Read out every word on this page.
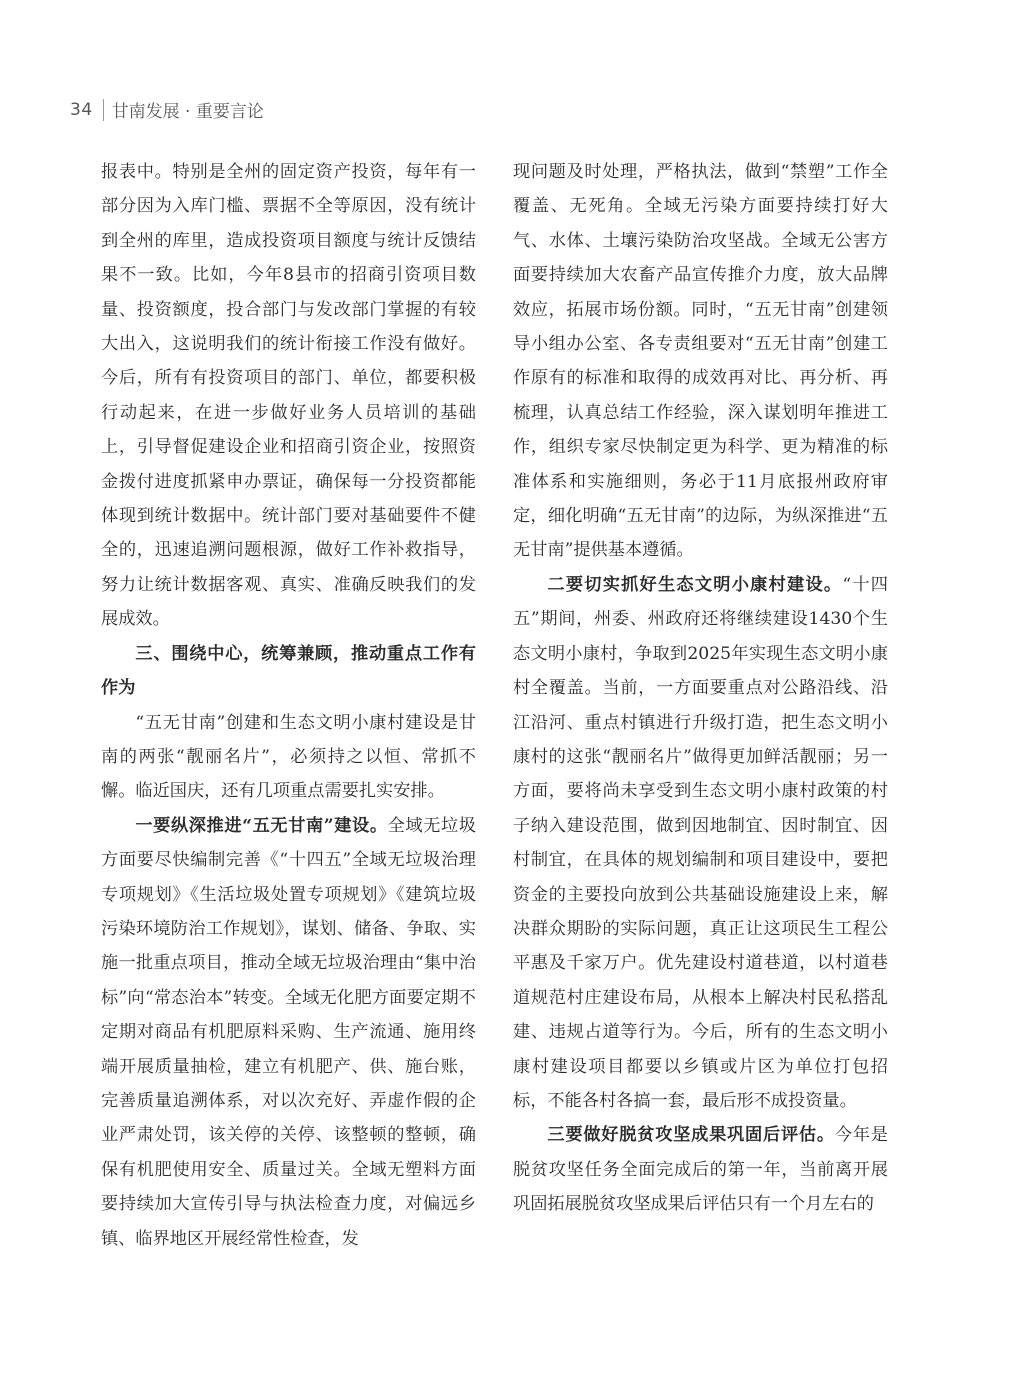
34 甘南发展 · 重要言论

报表中。特别是全州的固定资产投资，每年有一部分因为入库门槛、票据不全等原因，没有统计到全州的库里，造成投资项目额度与统计反馈结果不一致。比如，今年8县市的招商引资项目数量、投资额度，投合部门与发改部门掌握的有较大出入，这说明我们的统计衔接工作没有做好。今后，所有有投资项目的部门、单位，都要积极行动起来，在进一步做好业务人员培训的基础上，引导督促建设企业和招商引资企业，按照资金拨付进度抓紧申办票证，确保每一分投资都能体现到统计数据中。统计部门要对基础要件不健全的，迅速追溯问题根源，做好工作补救指导，努力让统计数据客观、真实、准确反映我们的发展成效。

三、围绕中心，统筹兼顾，推动重点工作有作为

“五无甘南”创建和生态文明小康村建设是甘南的两张“靓丽名片”，必须持之以恒、常抓不懈。临近国庆，还有几项重点需要扎实安排。

一要纵深推进“五无甘南”建设。全域无垃圾方面要尽快编制完善《“十四五”全域无垃圾治理专项规划》《生活垃圾处置专项规划》《建筑垃圾污染环境防治工作规划》，谋划、储备、争取、实施一批重点项目，推动全域无垃圾治理由“集中治标”向“常态治本”转变。全域无化肥方面要定期不定期对商品有机肥原料采购、生产流通、施用终端开展质量抽检，建立有机肥产、供、施台账，完善质量追溯体系，对以次充好、弄虚作假的企业严肃处罚，该关停的关停、该整顿的整顿，确保有机肥使用安全、质量过关。全域无塑料方面要持续加大宣传引导与执法检查力度，对偏远乡镇、临界地区开展经常性检查，发

现问题及时处理，严格执法，做到“禁塑”工作全覆盖、无死角。全域无污染方面要持续打好大气、水体、土壤污染防治攻坚战。全域无公害方面要持续加大农畜产品宣传推介力度，放大品牌效应，拓展市场份额。同时，“五无甘南”创建领导小组办公室、各专责组要对“五无甘南”创建工作原有的标准和取得的成效再对比、再分析、再梳理，认真总结工作经验，深入谋划明年推进工作，组织专家尽快制定更为科学、更为精准的标准体系和实施细则，务必于11月底报州政府审定，细化明确“五无甘南”的边际，为纵深推进“五无甘南”提供基本遵循。

二要切实抓好生态文明小康村建设。“十四五”期间，州委、州政府还将继续建设1430个生态文明小康村，争取到2025年实现生态文明小康村全覆盖。当前，一方面要重点对公路沿线、沿江沿河、重点村镇进行升级打造，把生态文明小康村的这张“靓丽名片”做得更加鲜活靓丽；另一方面，要将尚未享受到生态文明小康村政策的村子纳入建设范围，做到因地制宜、因时制宜、因村制宜，在具体的规划编制和项目建设中，要把资金的主要投向放到公共基础设施建设上来，解决群众期盼的实际问题，真正让这项民生工程公平惠及千家万户。优先建设村道巷道，以村道巷道规范村庄建设布局，从根本上解决村民私搭乱建、违规占道等行为。今后，所有的生态文明小康村建设项目都要以乡镇或片区为单位打包招标，不能各村各搞一套，最后形不成投资量。

三要做好脱贫攻坚成果巩固后评估。今年是脱贫攻坚任务全面完成后的第一年，当前离开展巩固拓展脱贫攻坚成果后评估只有一个月左右的
